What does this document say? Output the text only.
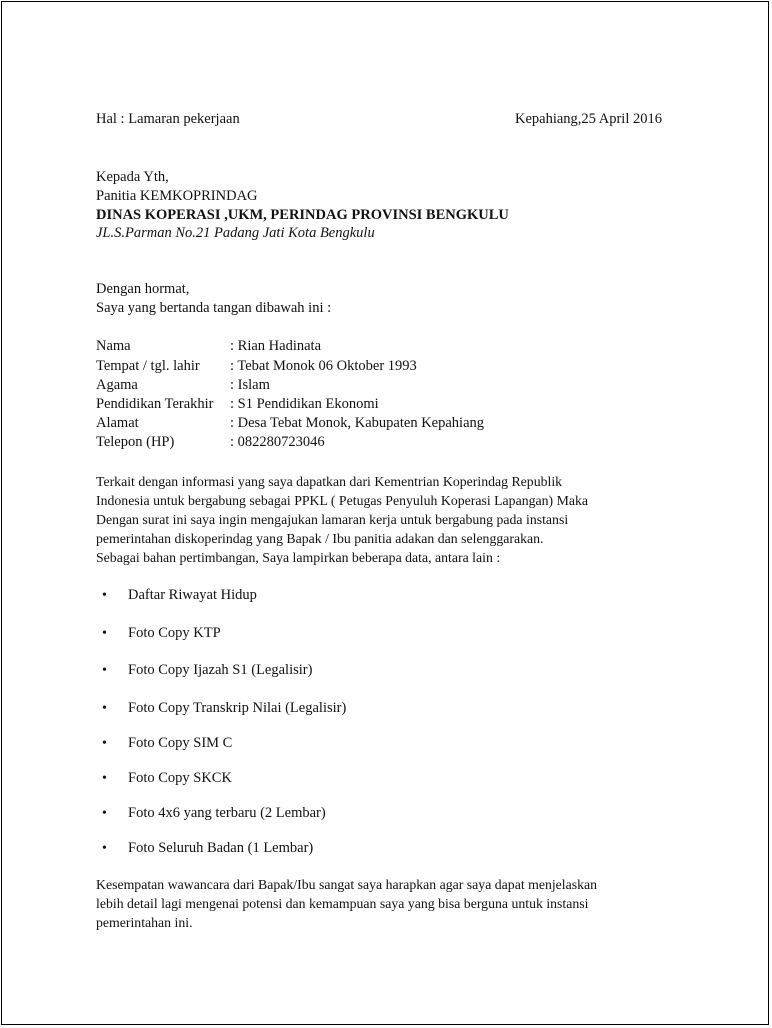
Hal : Lamaran pekerjaan	Kepahiang,25 April 2016
Kepada Yth,
Panitia KEMKOPRINDAG
DINAS KOPERASI ,UKM, PERINDAG PROVINSI BENGKULU
JL.S.Parman No.21 Padang Jati Kota Bengkulu
Dengan hormat,
Saya yang bertanda tangan dibawah ini :
Nama	: Rian Hadinata
Tempat / tgl. lahir : Tebat Monok 06 Oktober 1993
Agama	: Islam
Pendidikan Terakhir : S1 Pendidikan Ekonomi
Alamat	: Desa Tebat Monok, Kabupaten Kepahiang
Telepon (HP)	: 082280723046
Terkait dengan informasi yang saya dapatkan dari Kementrian Koperindag Republik
Indonesia untuk bergabung sebagai PPKL ( Petugas Penyuluh Koperasi Lapangan) Maka
Dengan surat ini saya ingin mengajukan lamaran kerja untuk bergabung pada instansi
pemerintahan diskoperindag yang Bapak / Ibu panitia adakan dan selenggarakan.
Sebagai bahan pertimbangan, Saya lampirkan beberapa data, antara lain :
• Daftar Riwayat Hidup
• Foto Copy KTP
• Foto Copy Ijazah S1 (Legalisir)
• Foto Copy Transkrip Nilai (Legalisir)
• Foto Copy SIM C
• Foto Copy SKCK
• Foto 4x6 yang terbaru (2 Lembar)
• Foto Seluruh Badan (1 Lembar)
Kesempatan wawancara dari Bapak/Ibu sangat saya harapkan agar saya dapat menjelaskan
lebih detail lagi mengenai potensi dan kemampuan saya yang bisa berguna untuk instansi
pemerintahan ini.
